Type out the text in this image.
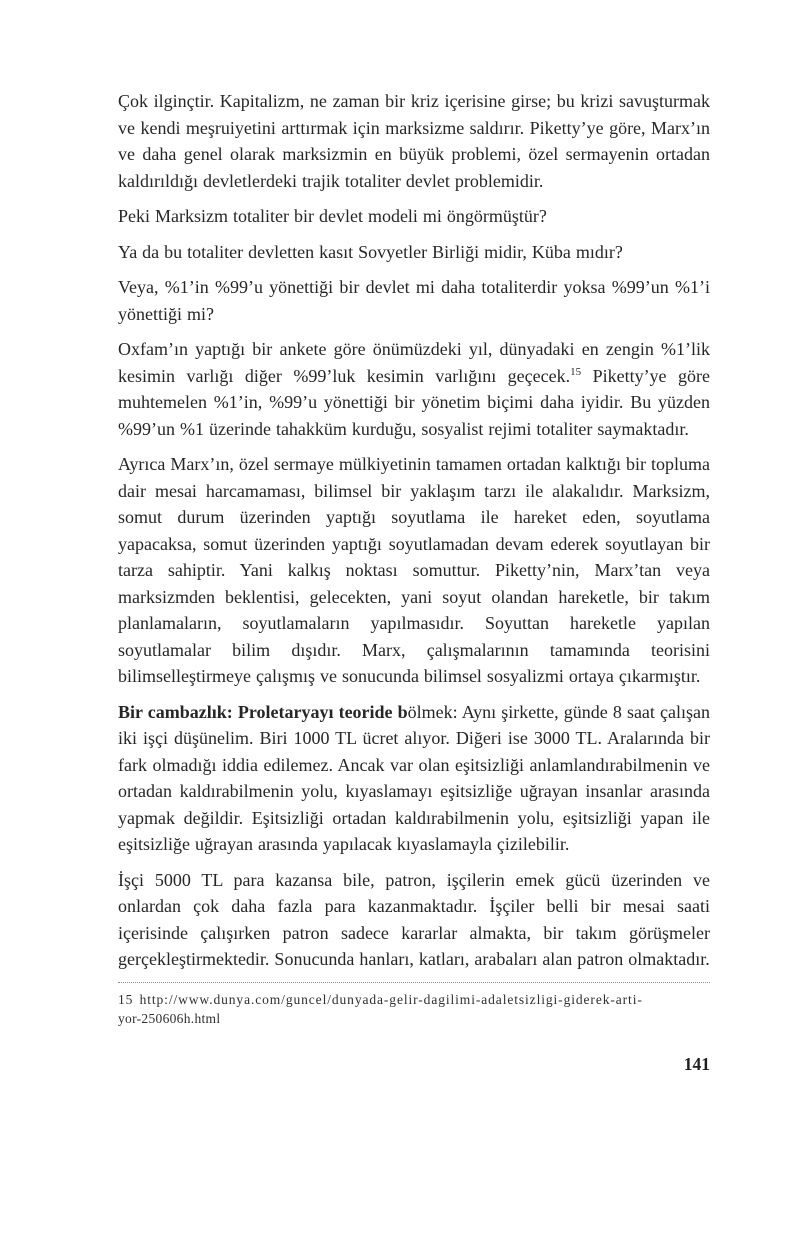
Çok ilginçtir. Kapitalizm, ne zaman bir kriz içerisine girse; bu krizi savuşturmak ve kendi meşruiyetini arttırmak için marksizme saldırır. Piketty’ye göre, Marx’ın ve daha genel olarak marksizmin en büyük problemi, özel sermayenin ortadan kaldırıldığı devletlerdeki trajik totaliter devlet problemidir.

Peki Marksizm totaliter bir devlet modeli mi öngörmüştür?

Ya da bu totaliter devletten kasıt Sovyetler Birliği midir, Küba mıdır?

Veya, %1’in %99’u yönettiği bir devlet mi daha totaliterdir yoksa %99’un %1’i yönettiği mi?

Oxfam’ın yaptığı bir ankete göre önümüzdeki yıl, dünyadaki en zengin %1’lik kesimin varlığı diğer %99’luk kesimin varlığını geçecek.$^{15}$ Piketty’ye göre muhtemelen %1’in, %99’u yönettiği bir yönetim biçimi daha iyidir. Bu yüzden %99’un %1 üzerinde tahakküm kurduğu, sosyalist rejimi totaliter saymaktadır.

Ayrıca Marx’ın, özel sermaye mülkiyetinin tamamen ortadan kalktığı bir topluma dair mesai harcamaması, bilimsel bir yaklaşım tarzı ile alakalıdır. Marksizm, somut durum üzerinden yaptığı soyutlama ile hareket eden, soyutlama yapacaksa, somut üzerinden yaptığı soyutlamadan devam ederek soyutlayan bir tarza sahiptir. Yani kalkış noktası somuttur. Piketty’nin, Marx’tan veya marksizmden beklentisi, gelecekten, yani soyut olandan hareketle, bir takım planlamaların, soyutlamaların yapılmasıdır. Soyuttan hareketle yapılan soyutlamalar bilim dışıdır. Marx, çalışmalarının tamamında teorisini bilimselleştirmeye çalışmış ve sonucunda bilimsel sosyalizmi ortaya çıkarmıştır.

Bir cambazlık: Proletaryayı teoride bölmek: Aynı şirkette, günde 8 saat çalışan iki işçi düşünelim. Biri 1000 TL ücret alıyor. Diğeri ise 3000 TL. Aralarında bir fark olmadığı iddia edilemez. Ancak var olan eşitsizliği anlamlandırabilmenin ve ortadan kaldırabilmenin yolu, kıyaslamayı eşitsizliğe uğrayan insanlar arasında yapmak değildir. Eşitsizliği ortadan kaldırabilmenin yolu, eşitsizliği yapan ile eşitsizliğe uğrayan arasında yapılacak kıyaslamayla çizilebilir.

İşçi 5000 TL para kazansa bile, patron, işçilerin emek gücü üzerinden ve onlardan çok daha fazla para kazanmaktadır. İşçiler belli bir mesai saati içerisinde çalışırken patron sadece kararlar almakta, bir takım görüşmeler gerçekleştirmektedir. Sonucunda hanları, katları, arabaları alan patron olmaktadır.

15 http://www.dunya.com/guncel/dunyada-gelir-dagilimi-adaletsizligi-giderek-arti-
yor-250606h.html
141
